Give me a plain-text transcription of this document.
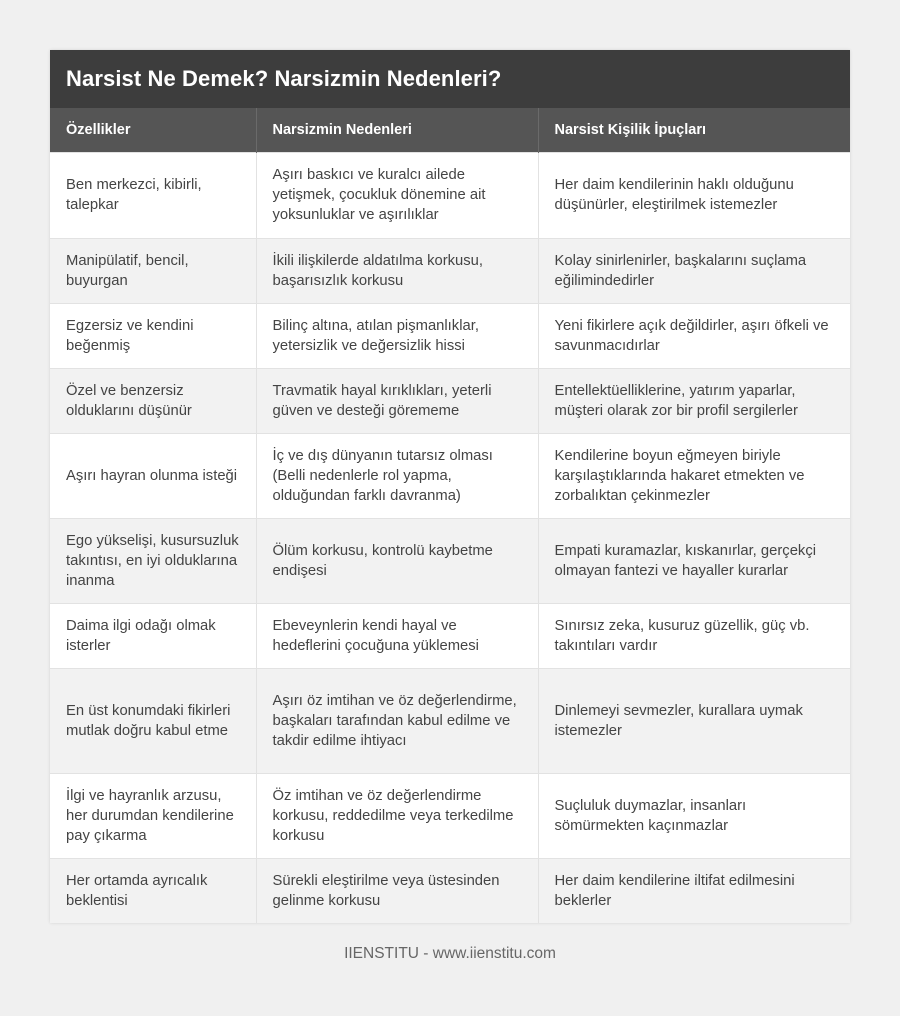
Narsist Ne Demek? Narsizmin Nedenleri?
Özellikler	Narsizmin Nedenleri	Narsist Kişilik İpuçları
Ben merkezci, kibirli, talepkar	Aşırı baskıcı ve kuralcı ailede yetişmek, çocukluk dönemine ait yoksunluklar ve aşırılıklar	Her daim kendilerinin haklı olduğunu düşünürler, eleştirilmek istemezler
Manipülatif, bencil, buyurgan	İkili ilişkilerde aldatılma korkusu, başarısızlık korkusu	Kolay sinirlenirler, başkalarını suçlama eğilimindedirler
Egzersiz ve kendini beğenmiş	Bilinç altına, atılan pişmanlıklar, yetersizlik ve değersizlik hissi	Yeni fikirlere açık değildirler, aşırı öfkeli ve savunmacıdırlar
Özel ve benzersiz olduklarını düşünür	Travmatik hayal kırıklıkları, yeterli güven ve desteği görememe	Entellektüelliklerine, yatırım yaparlar, müşteri olarak zor bir profil sergilerler
Aşırı hayran olunma isteği	İç ve dış dünyanın tutarsız olması (Belli nedenlerle rol yapma, olduğundan farklı davranma)	Kendilerine boyun eğmeyen biriyle karşılaştıklarında hakaret etmekten ve zorbalıktan çekinmezler
Ego yükselişi, kusursuzluk takıntısı, en iyi olduklarına inanma	Ölüm korkusu, kontrolü kaybetme endişesi	Empati kuramazlar, kıskanırlar, gerçekçi olmayan fantezi ve hayaller kurarlar
Daima ilgi odağı olmak isterler	Ebeveynlerin kendi hayal ve hedeflerini çocuğuna yüklemesi	Sınırsız zeka, kusuruz güzellik, güç vb. takıntıları vardır
En üst konumdaki fikirleri mutlak doğru kabul etme	Aşırı öz imtihan ve öz değerlendirme, başkaları tarafından kabul edilme ve takdir edilme ihtiyacı	Dinlemeyi sevmezler, kurallara uymak istemezler
İlgi ve hayranlık arzusu, her durumdan kendilerine pay çıkarma	Öz imtihan ve öz değerlendirme korkusu, reddedilme veya terkedilme korkusu	Suçluluk duymazlar, insanları sömürmekten kaçınmazlar
Her ortamda ayrıcalık beklentisi	Sürekli eleştirilme veya üstesinden gelinme korkusu	Her daim kendilerine iltifat edilmesini beklerler
IIENSTITU - www.iienstitu.com
